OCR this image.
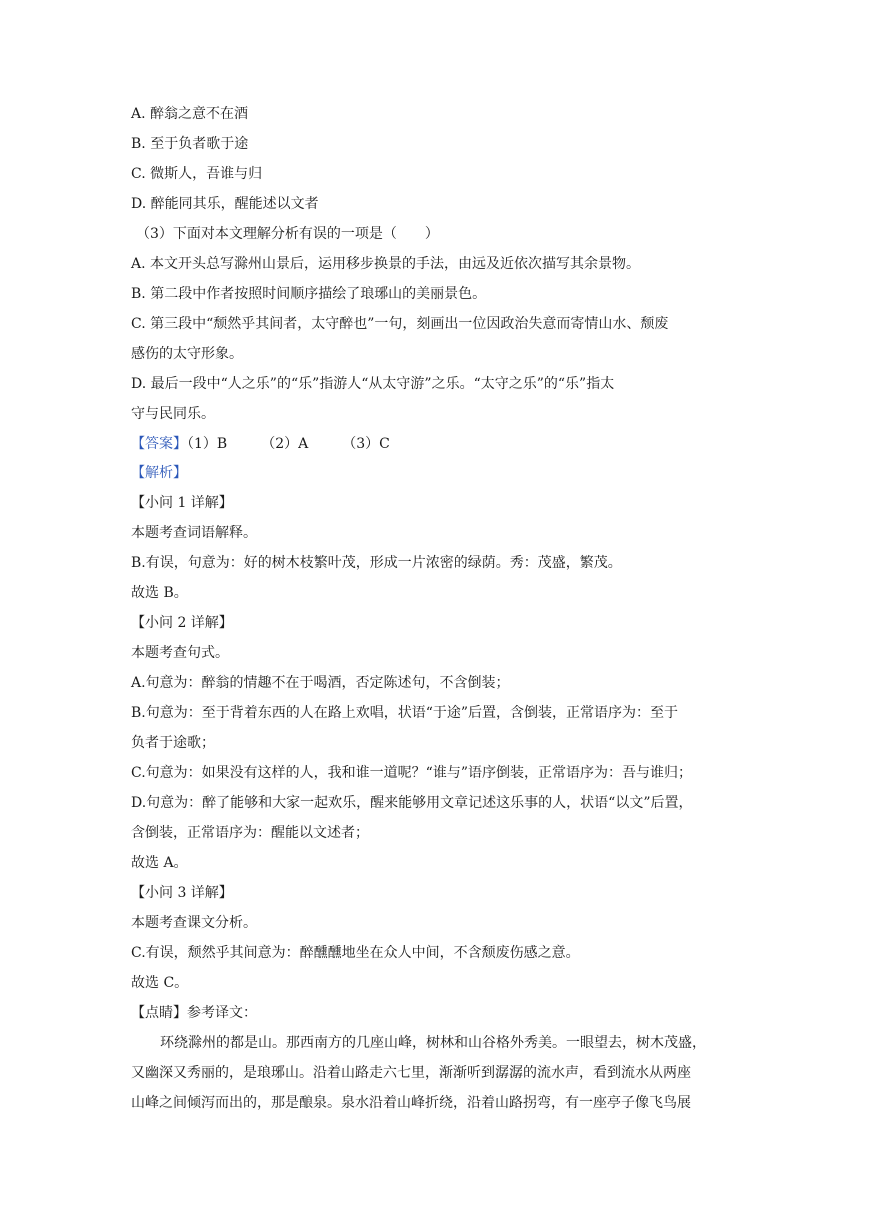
A. 醉翁之意不在酒
B. 至于负者歌于途
C. 微斯人，吾谁与归
D. 醉能同其乐，醒能述以文者
（3）下面对本文理解分析有误的一项是（　　）
A. 本文开头总写滁州山景后，运用移步换景的手法，由远及近依次描写其余景物。
B. 第二段中作者按照时间顺序描绘了琅琊山的美丽景色。
C. 第三段中“颓然乎其间者，太守醉也”一句，刻画出一位因政治失意而寄情山水、颓废
感伤的太守形象。
D. 最后一段中“人之乐”的“乐”指游人“从太守游”之乐。“太守之乐”的“乐”指太
守与民同乐。
【答案】（1）B （2）A （3）C
【解析】
【小问 1 详解】
本题考查词语解释。
B.有误，句意为：好的树木枝繁叶茂，形成一片浓密的绿荫。秀：茂盛，繁茂。
故选 B。
【小问 2 详解】
本题考查句式。
A.句意为：醉翁的情趣不在于喝酒，否定陈述句，不含倒装；
B.句意为：至于背着东西的人在路上欢唱，状语“于途”后置，含倒装，正常语序为：至于
负者于途歌；
C.句意为：如果没有这样的人，我和谁一道呢？“谁与”语序倒装，正常语序为：吾与谁归；
D.句意为：醉了能够和大家一起欢乐，醒来能够用文章记述这乐事的人，状语“以文”后置，
含倒装，正常语序为：醒能以文述者；
故选 A。
【小问 3 详解】
本题考查课文分析。
C.有误，颓然乎其间意为：醉醺醺地坐在众人中间，不含颓废伤感之意。
故选 C。
【点睛】参考译文：
环绕滁州的都是山。那西南方的几座山峰，树林和山谷格外秀美。一眼望去，树木茂盛，
又幽深又秀丽的，是琅琊山。沿着山路走六七里，渐渐听到潺潺的流水声，看到流水从两座
山峰之间倾泻而出的，那是酿泉。泉水沿着山峰折绕，沿着山路拐弯，有一座亭子像飞鸟展
